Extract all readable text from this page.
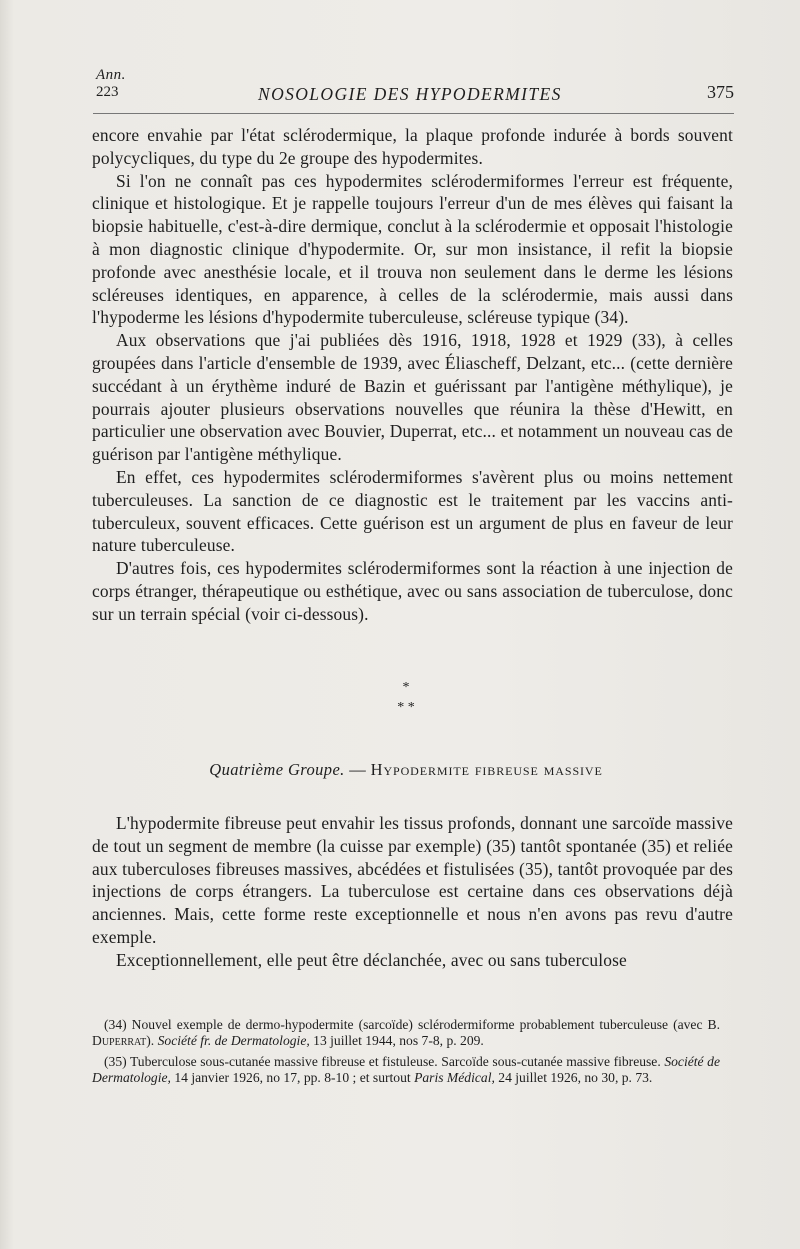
Ann.
223	NOSOLOGIE DES HYPODERMITES	375

encore envahie par l'état sclérodermique, la plaque profonde indurée à bords souvent polycycliques, du type du 2e groupe des hypodermites.

Si l'on ne connaît pas ces hypodermites sclérodermiformes l'erreur est fréquente, clinique et histologique. Et je rappelle toujours l'erreur d'un de mes élèves qui faisant la biopsie habituelle, c'est-à-dire dermique, conclut à la sclérodermie et opposait l'histologie à mon diagnostic clinique d'hypodermite. Or, sur mon insistance, il refit la biopsie profonde avec anesthésie locale, et il trouva non seulement dans le derme les lésions scléreuses identiques, en apparence, à celles de la sclérodermie, mais aussi dans l'hypoderme les lésions d'hypodermite tuberculeuse, scléreuse typique (34).

Aux observations que j'ai publiées dès 1916, 1918, 1928 et 1929 (33), à celles groupées dans l'article d'ensemble de 1939, avec Éliascheff, Delzant, etc... (cette dernière succédant à un érythème induré de Bazin et guérissant par l'antigène méthylique), je pourrais ajouter plusieurs observations nouvelles que réunira la thèse d'Hewitt, en particulier une observation avec Bouvier, Duperrat, etc... et notamment un nouveau cas de guérison par l'antigène méthylique.

En effet, ces hypodermites sclérodermiformes s'avèrent plus ou moins nettement tuberculeuses. La sanction de ce diagnostic est le traitement par les vaccins anti-tuberculeux, souvent efficaces. Cette guérison est un argument de plus en faveur de leur nature tuberculeuse.

D'autres fois, ces hypodermites sclérodermiformes sont la réaction à une injection de corps étranger, thérapeutique ou esthétique, avec ou sans association de tuberculose, donc sur un terrain spécial (voir ci-dessous).

*
* *
Quatrième Groupe. — Hypodermite fibreuse massive

L'hypodermite fibreuse peut envahir les tissus profonds, donnant une sarcoïde massive de tout un segment de membre (la cuisse par exemple) (35) tantôt spontanée (35) et reliée aux tuberculoses fibreuses massives, abcédées et fistulisées (35), tantôt provoquée par des injections de corps étrangers. La tuberculose est certaine dans ces observations déjà anciennes. Mais, cette forme reste exceptionnelle et nous n'en avons pas revu d'autre exemple.

Exceptionnellement, elle peut être déclanchée, avec ou sans tuberculose

(34) Nouvel exemple de dermo-hypodermite (sarcoïde) sclérodermiforme probablement tuberculeuse (avec B. Duperrat). Société fr. de Dermatologie, 13 juillet 1944, nos 7-8, p. 209.

(35) Tuberculose sous-cutanée massive fibreuse et fistuleuse. Sarcoïde sous-cutanée massive fibreuse. Société de Dermatologie, 14 janvier 1926, no 17, pp. 8-10 ; et surtout Paris Médical, 24 juillet 1926, no 30, p. 73.
